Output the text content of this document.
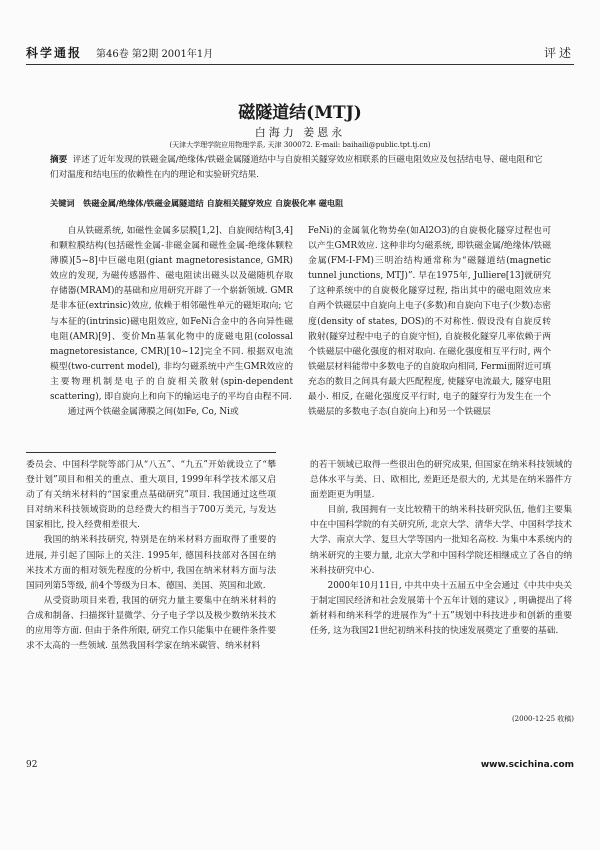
科学通报 第46卷 第2期 2001年1月	评述
磁隧道结(MTJ)
白海力 姜恩永
(天津大学理学院应用物理学系, 天津 300072. E-mail: baihaili@public.tpt.tj.cn)
摘要 评述了近年发现的铁磁金属/绝缘体/铁磁金属隧道结中与自旋相关隧穿效应相联系的巨磁电阻效应及包括结电导、磁电阻和它们对温度和结电压的依赖性在内的理论和实验研究结果.
关键词 铁磁金属/绝缘体/铁磁金属隧道结 自旋相关隧穿效应 自旋极化率 磁电阻

自从铁磁系统, 如磁性金属多层膜[1,2]、自旋阀结构[3,4]和颗粒膜结构(包括磁性金属-非磁金属和磁性金属-绝缘体颗粒薄膜)[5~8]中巨磁电阻(giant magnetoresistance, GMR)效应的发现, 为磁传感器件、磁电阻读出磁头以及磁随机存取存储器(MRAM)的基础和应用研究开辟了一个崭新领域. GMR是非本征(extrinsic)效应, 依赖于相邻磁性单元的磁矩取向; 它与本征的(intrinsic)磁电阻效应, 如FeNi合金中的各向异性磁电阻(AMR)[9]、变价Mn基氧化物中的庞磁电阻(colossal magnetoresistance, CMR)[10~12]完全不同. 根据双电流模型(two-current model), 非均匀磁系统中产生GMR效应的主要物理机制是电子的自旋相关散射(spin-dependent scattering), 即自旋向上和向下的输运电子的平均自由程不同.

通过两个铁磁金属薄膜之间(如Fe, Co, Ni或

FeNi)的金属氧化物势垒(如Al2O3)的自旋极化隧穿过程也可以产生GMR效应. 这种非均匀磁系统, 即铁磁金属/绝缘体/铁磁金属(FM-I-FM)三明治结构通常称为“磁隧道结(magnetic tunnel junctions, MTJ)”. 早在1975年, Julliere[13]就研究了这种系统中的自旋极化隧穿过程, 指出其中的磁电阻效应来自两个铁磁层中自旋向上电子(多数)和自旋向下电子(少数)态密度(density of states, DOS)的不对称性. 假设没有自旋反转散射(隧穿过程中电子的自旋守恒), 自旋极化隧穿几率依赖于两个铁磁层中磁化强度的相对取向. 在磁化强度相互平行时, 两个铁磁层材料能带中多数电子的自旋取向相同, Fermi面附近可填充态的数目之间具有最大匹配程度, 使隧穿电流最大, 隧穿电阻最小. 相反, 在磁化强度反平行时, 电子的隧穿行为发生在一个铁磁层的多数电子态(自旋向上)和另一个铁磁层

委员会、中国科学院等部门从“八五”、“九五”开始就设立了“攀登计划”项目和相关的重点、重大项目, 1999年科学技术部又启动了有关纳米材料的“国家重点基础研究”项目. 我国通过这些项目对纳米科技领域资助的总经费大约相当于700万美元, 与发达国家相比, 投入经费相差很大.

我国的纳米科技研究, 特别是在纳米材料方面取得了重要的进展, 并引起了国际上的关注. 1995年, 德国科技部对各国在纳米技术方面的相对领先程度的分析中, 我国在纳米材料方面与法国同列第5等级, 前4个等级为日本、德国、美国、英国和北欧.

从受资助项目来看, 我国的研究力量主要集中在纳米材料的合成和制备、扫描探针显微学、分子电子学以及极少数纳米技术的应用等方面. 但由于条件所限, 研究工作只能集中在硬件条件要求不太高的一些领域. 虽然我国科学家在纳米碳管、纳米材料

的若干领域已取得一些很出色的研究成果, 但国家在纳米科技领域的总体水平与美、日、欧相比, 差距还是很大的, 尤其是在纳米器件方面差距更为明显.

目前, 我国拥有一支比较精干的纳米科技研究队伍, 他们主要集中在中国科学院的有关研究所, 北京大学、清华大学、中国科学技术大学、南京大学、复旦大学等国内一批知名高校. 为集中本系统内的纳米研究的主要力量, 北京大学和中国科学院还相继成立了各自的纳米科技研究中心.

2000年10月11日, 中共中央十五届五中全会通过《中共中央关于制定国民经济和社会发展第十个五年计划的建议》, 明确提出了将新材料和纳米科学的进展作为“十五”规划中科技进步和创新的重要任务, 这为我国21世纪初纳米科技的快速发展奠定了重要的基础.

(2000-12-25 收稿)
92	www.scichina.com
